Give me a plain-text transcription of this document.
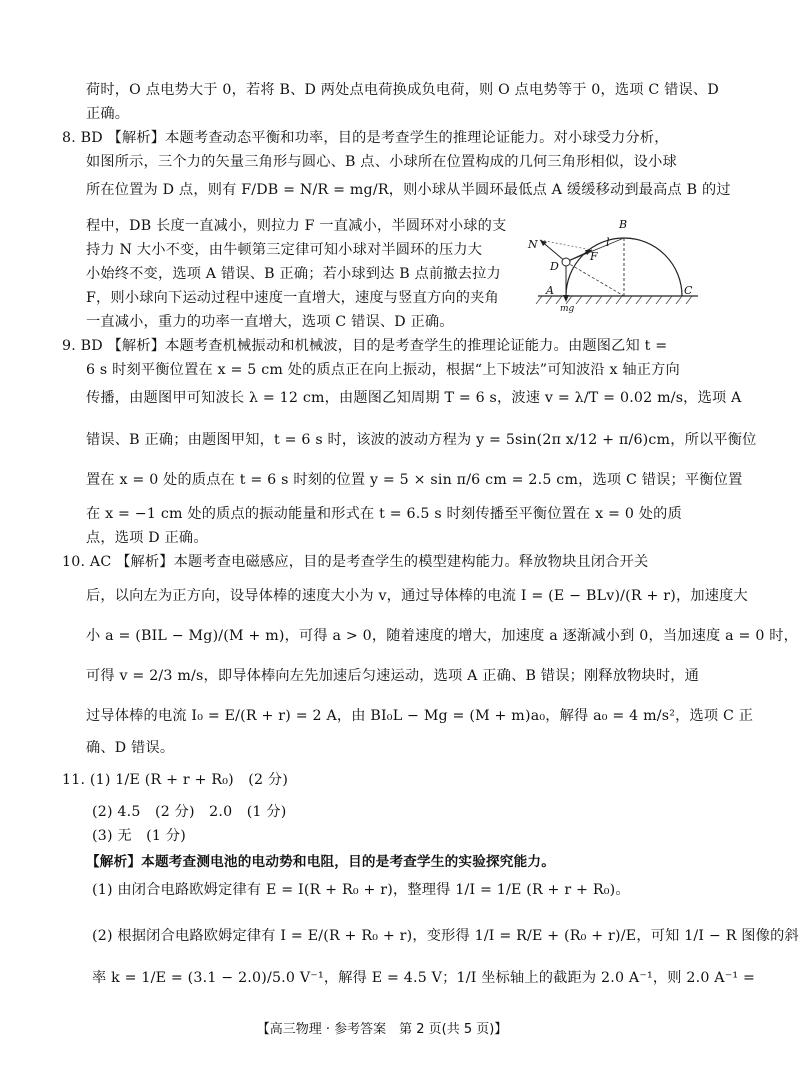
荷时，O 点电势大于 0，若将 B、D 两处点电荷换成负电荷，则 O 点电势等于 0，选项 C 错误、D
正确。
8. BD 【解析】本题考查动态平衡和功率，目的是考查学生的推理论证能力。对小球受力分析，
如图所示，三个力的矢量三角形与圆心、B 点、小球所在位置构成的几何三角形相似，设小球
所在位置为 D 点，则有 F/DB = N/R = mg/R，则小球从半圆环最低点 A 缓缓移动到最高点 B 的过
程中，DB 长度一直减小，则拉力 F 一直减小，半圆环对小球的支
持力 N 大小不变，由牛顿第三定律可知小球对半圆环的压力大
小始终不变，选项 A 错误、B 正确；若小球到达 B 点前撤去拉力
F，则小球向下运动过程中速度一直增大，速度与竖直方向的夹角
一直减小，重力的功率一直增大，选项 C 错误、D 正确。
B
N
D
F
l
A	C
mg
9. BD 【解析】本题考查机械振动和机械波，目的是考查学生的推理论证能力。由题图乙知 t =
6 s 时刻平衡位置在 x = 5 cm 处的质点正在向上振动，根据“上下坡法”可知波沿 x 轴正方向
传播，由题图甲可知波长 λ = 12 cm，由题图乙知周期 T = 6 s，波速 v = λ/T = 0.02 m/s，选项 A
错误、B 正确；由题图甲知，t = 6 s 时，该波的波动方程为 y = 5sin(2π x/12 + π/6)cm，所以平衡位
置在 x = 0 处的质点在 t = 6 s 时刻的位置 y = 5 × sin π/6 cm = 2.5 cm，选项 C 错误；平衡位置
在 x = −1 cm 处的质点的振动能量和形式在 t = 6.5 s 时刻传播至平衡位置在 x = 0 处的质
点，选项 D 正确。
10. AC 【解析】本题考查电磁感应，目的是考查学生的模型建构能力。释放物块且闭合开关
后，以向左为正方向，设导体棒的速度大小为 v，通过导体棒的电流 I = (E − BLv)/(R + r)，加速度大
小 a = (BIL − Mg)/(M + m)，可得 a > 0，随着速度的增大，加速度 a 逐渐减小到 0，当加速度 a = 0 时，
可得 v = 2/3 m/s，即导体棒向左先加速后匀速运动，选项 A 正确、B 错误；刚释放物块时，通
过导体棒的电流 I₀ = E/(R + r) = 2 A，由 BI₀L − Mg = (M + m)a₀，解得 a₀ = 4 m/s²，选项 C 正
确、D 错误。
11. (1) 1/E (R + r + R₀)　(2 分)
(2) 4.5　(2 分)　2.0　(1 分)
(3) 无　(1 分)
【解析】本题考查测电池的电动势和电阻，目的是考查学生的实验探究能力。
(1) 由闭合电路欧姆定律有 E = I(R + R₀ + r)，整理得 1/I = 1/E (R + r + R₀)。
(2) 根据闭合电路欧姆定律有 I = E/(R + R₀ + r)，变形得 1/I = R/E + (R₀ + r)/E，可知 1/I − R 图像的斜
率 k = 1/E = (3.1 − 2.0)/5.0 V⁻¹，解得 E = 4.5 V；1/I 坐标轴上的截距为 2.0 A⁻¹，则 2.0 A⁻¹ =
【高三物理 · 参考答案　第 2 页(共 5 页)】
